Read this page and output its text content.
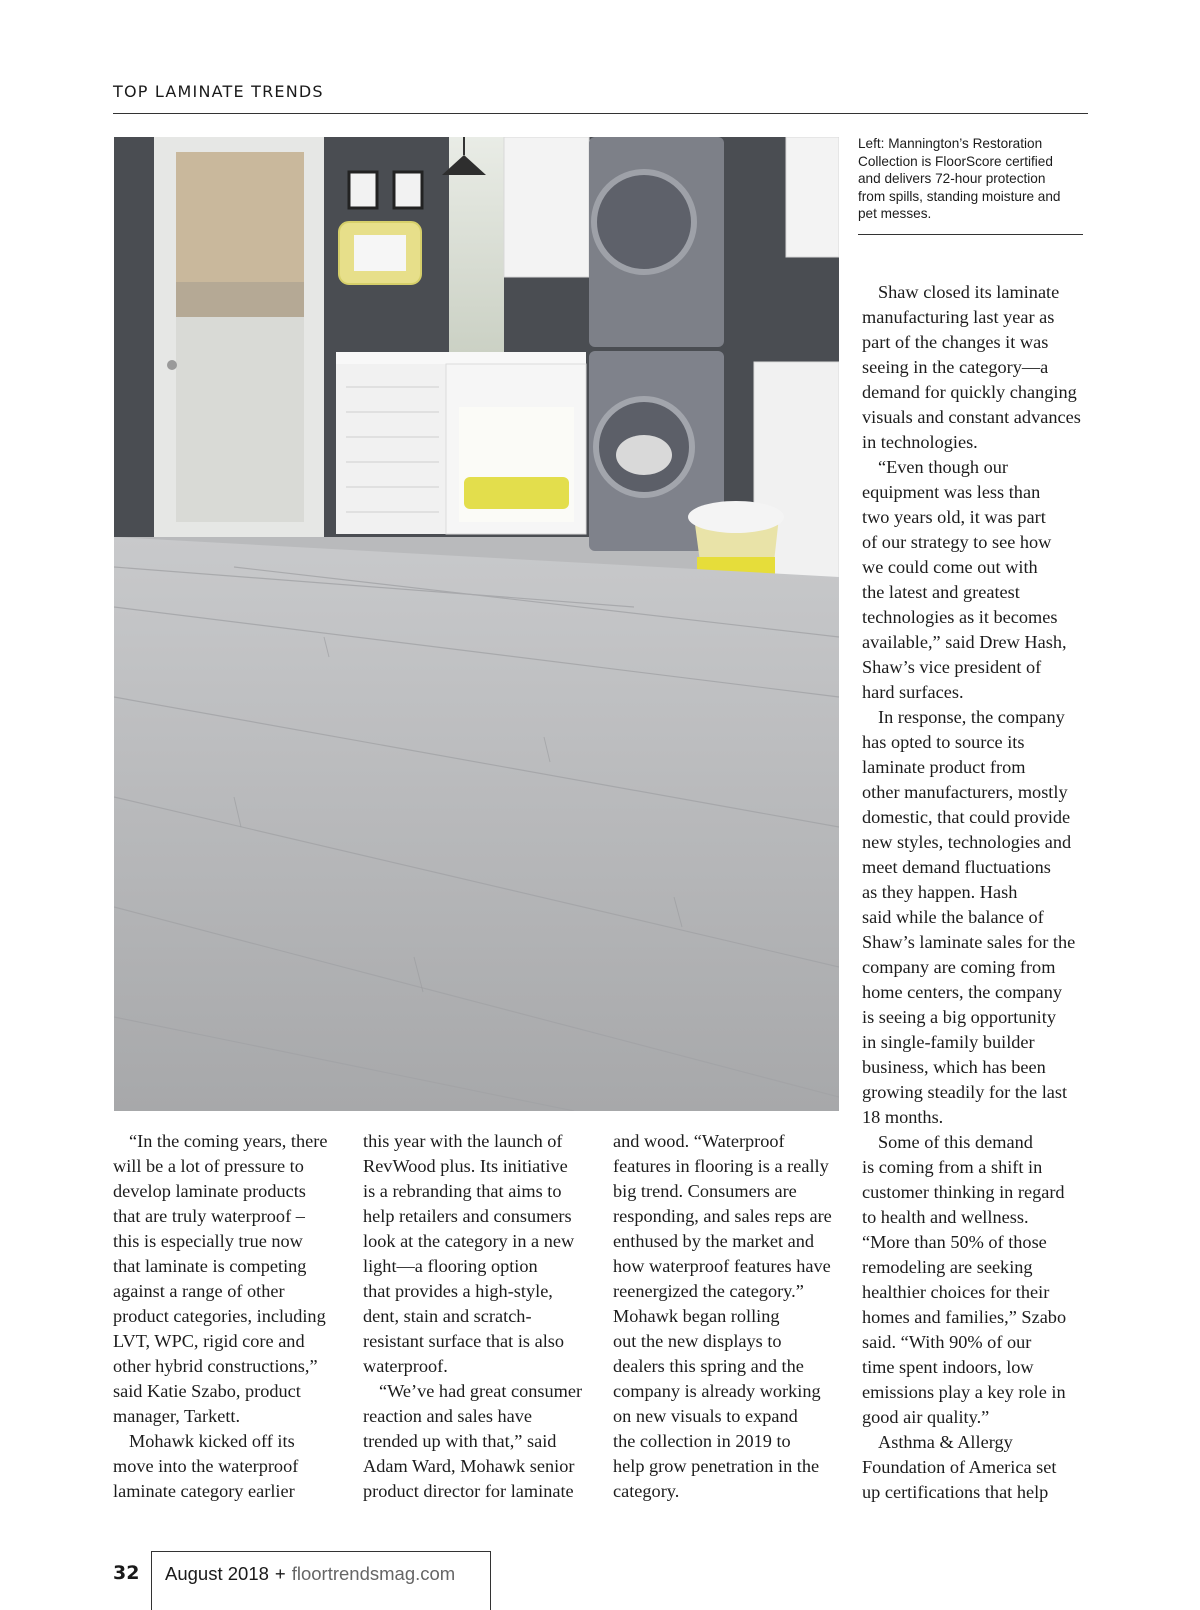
TOP LAMINATE TRENDS
Left: Mannington’s Restoration
Collection is FloorScore certified
and delivers 72-hour protection
from spills, standing moisture and
pet messes.

“In the coming years, there
will be a lot of pressure to
develop laminate products
that are truly waterproof –
this is especially true now
that laminate is competing
against a range of other
product categories, including
LVT, WPC, rigid core and
other hybrid constructions,”
said Katie Szabo, product
manager, Tarkett.

Mohawk kicked off its
move into the waterproof
laminate category earlier

this year with the launch of
RevWood plus. Its initiative
is a rebranding that aims to
help retailers and consumers
look at the category in a new
light—a flooring option
that provides a high-style,
dent, stain and scratch-
resistant surface that is also
waterproof.

“We’ve had great consumer
reaction and sales have
trended up with that,” said
Adam Ward, Mohawk senior
product director for laminate

and wood. “Waterproof
features in flooring is a really
big trend. Consumers are
responding, and sales reps are
enthused by the market and
how waterproof features have
reenergized the category.”
Mohawk began rolling
out the new displays to
dealers this spring and the
company is already working
on new visuals to expand
the collection in 2019 to
help grow penetration in the
category.

Shaw closed its laminate
manufacturing last year as
part of the changes it was
seeing in the category—a
demand for quickly changing
visuals and constant advances
in technologies.

“Even though our
equipment was less than
two years old, it was part
of our strategy to see how
we could come out with
the latest and greatest
technologies as it becomes
available,” said Drew Hash,
Shaw’s vice president of
hard surfaces.

In response, the company
has opted to source its
laminate product from
other manufacturers, mostly
domestic, that could provide
new styles, technologies and
meet demand fluctuations
as they happen. Hash
said while the balance of
Shaw’s laminate sales for the
company are coming from
home centers, the company
is seeing a big opportunity
in single-family builder
business, which has been
growing steadily for the last
18 months.

Some of this demand
is coming from a shift in
customer thinking in regard
to health and wellness.
“More than 50% of those
remodeling are seeking
healthier choices for their
homes and families,” Szabo
said. “With 90% of our
time spent indoors, low
emissions play a key role in
good air quality.”

Asthma & Allergy
Foundation of America set
up certifications that help

32 August 2018 + floortrendsmag.com
